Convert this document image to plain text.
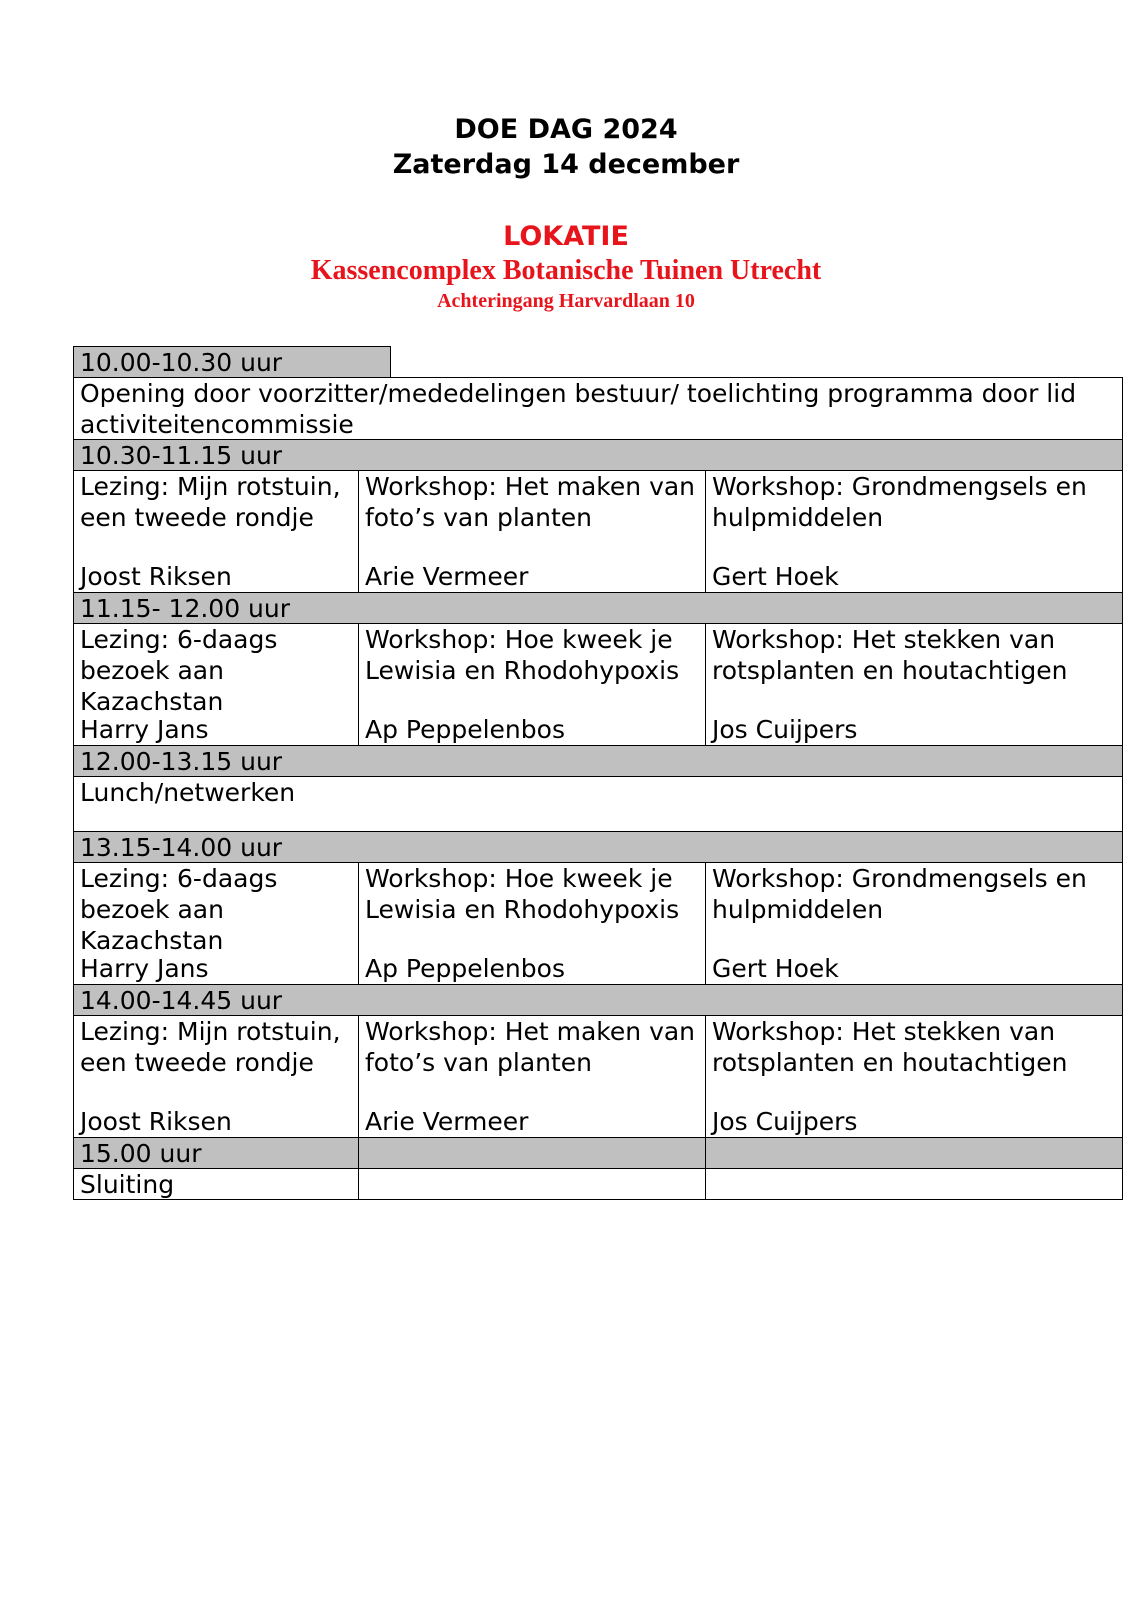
DOE DAG 2024
Zaterdag 14 december
LOKATIE
Kassencomplex Botanische Tuinen Utrecht
Achteringang Harvardlaan 10
10.00-10.30 uur
Opening door voorzitter/mededelingen bestuur/ toelichting programma door lid activiteitencommissie
10.30-11.15 uur
Lezing: Mijn rotstuin, een tweede rondje
Joost Riksen
Workshop: Het maken van foto’s van planten
Arie Vermeer
Workshop: Grondmengsels en hulpmiddelen
Gert Hoek
11.15- 12.00 uur
Lezing: 6-daags bezoek aan Kazachstan
Harry Jans
Workshop: Hoe kweek je Lewisia en Rhodohypoxis
Ap Peppelenbos
Workshop: Het stekken van rotsplanten en houtachtigen
Jos Cuijpers
12.00-13.15 uur
Lunch/netwerken
13.15-14.00 uur
Lezing: 6-daags bezoek aan Kazachstan
Harry Jans
Workshop: Hoe kweek je Lewisia en Rhodohypoxis
Ap Peppelenbos
Workshop: Grondmengsels en hulpmiddelen
Gert Hoek
14.00-14.45 uur
Lezing: Mijn rotstuin, een tweede rondje
Joost Riksen
Workshop: Het maken van foto’s van planten
Arie Vermeer
Workshop: Het stekken van rotsplanten en houtachtigen
Jos Cuijpers
15.00 uur
Sluiting
